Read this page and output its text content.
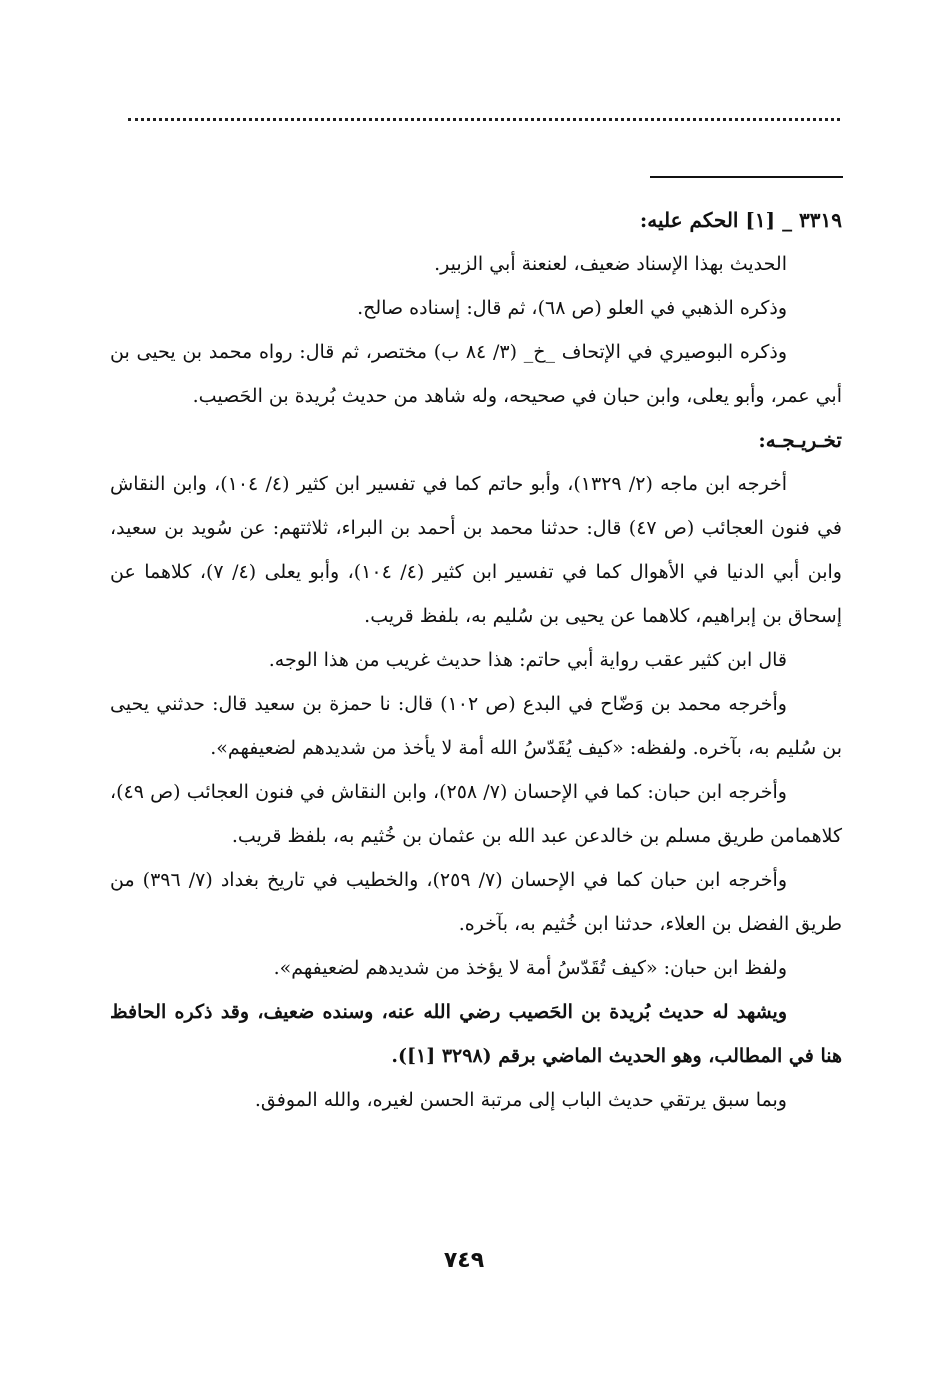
٣٣١٩ _ [١] الحكم عليه:

الحديث بهذا الإسناد ضعيف، لعنعنة أبي الزبير.

وذكره الذهبي في العلو (ص ٦٨)، ثم قال: إسناده صالح.

وذكره البوصيري في الإتحاف _خ_ (٣/ ٨٤ ب) مختصر، ثم قال: رواه محمد بن يحيى بن أبي عمر، وأبو يعلى، وابن حبان في صحيحه، وله شاهد من حديث بُريدة بن الحَصيب.

تخـريـجـه:

أخرجه ابن ماجه (٢/ ١٣٢٩)، وأبو حاتم كما في تفسير ابن كثير (٤/ ١٠٤)، وابن النقاش في فنون العجائب (ص ٤٧) قال: حدثنا محمد بن أحمد بن البراء، ثلاثتهم: عن سُويد بن سعيد، وابن أبي الدنيا في الأهوال كما في تفسير ابن كثير (٤/ ١٠٤)، وأبو يعلى (٤/ ٧)، كلاهما عن إسحاق بن إبراهيم، كلاهما عن يحيى بن سُليم به، بلفظ قريب.

قال ابن كثير عقب رواية أبي حاتم: هذا حديث غريب من هذا الوجه.

وأخرجه محمد بن وَضّاح في البدع (ص ١٠٢) قال: نا حمزة بن سعيد قال: حدثني يحيى بن سُليم به، بآخره. ولفظه: «كيف يُقَدّسُ الله أمة لا يأخذ من شديدهم لضعيفهم».

وأخرجه ابن حبان: كما في الإحسان (٧/ ٢٥٨)، وابن النقاش في فنون العجائب (ص ٤٩)، كلاهمامن طريق مسلم بن خالدعن عبد الله بن عثمان بن خُثيم به، بلفظ قريب.

وأخرجه ابن حبان كما في الإحسان (٧/ ٢٥٩)، والخطيب في تاريخ بغداد (٧/ ٣٩٦) من طريق الفضل بن العلاء، حدثنا ابن خُثيم به، بآخره.

ولفظ ابن حبان: «كيف تُقَدّسُ أمة لا يؤخذ من شديدهم لضعيفهم».

ويشهد له حديث بُريدة بن الحَصيب رضي الله عنه، وسنده ضعيف، وقد ذكره الحافظ هنا في المطالب، وهو الحديث الماضي برقم (٣٢٩٨ [١]).

وبما سبق يرتقي حديث الباب إلى مرتبة الحسن لغيره، والله الموفق.

٧٤٩
